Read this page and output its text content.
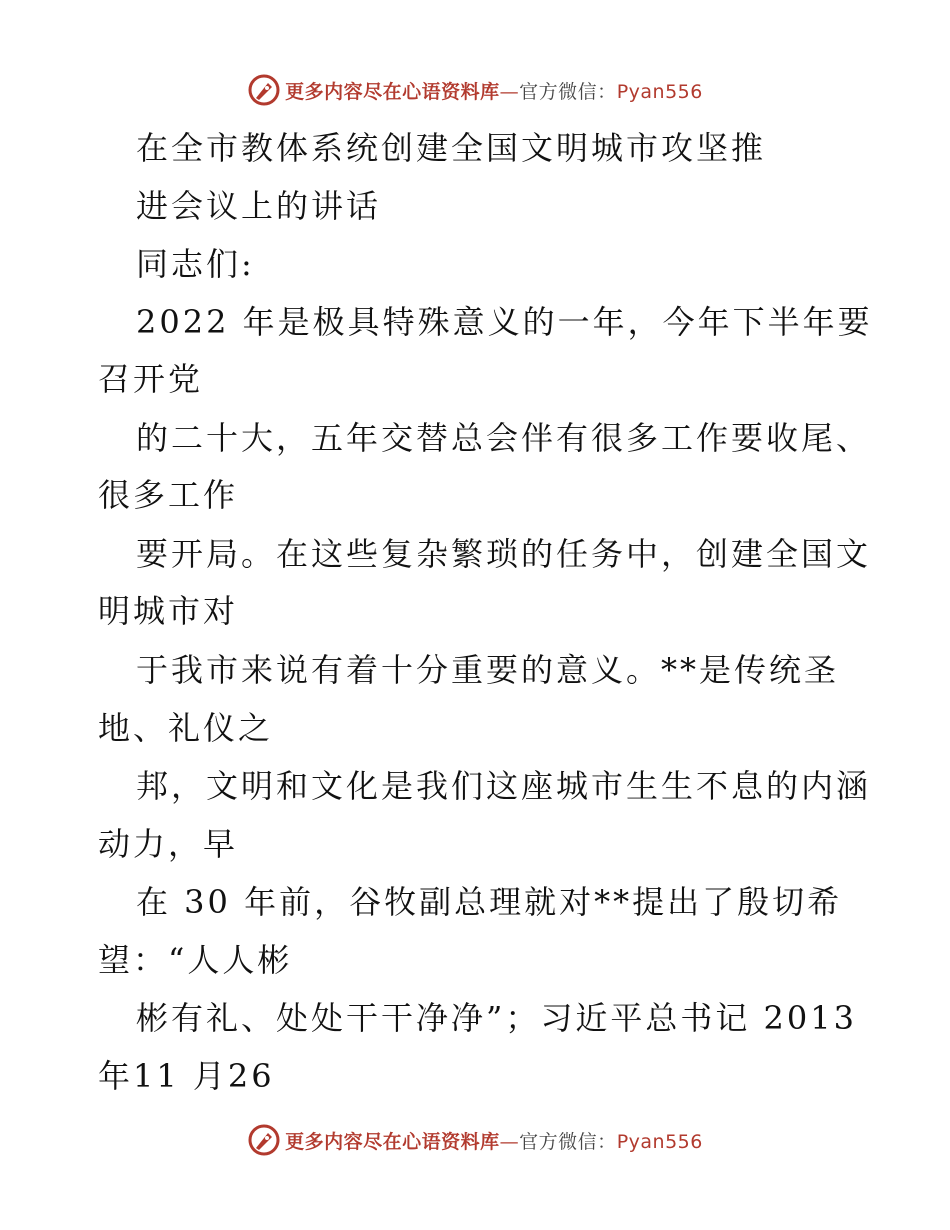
更多内容尽在心语资料库—官方微信：Pyan556
在全市教体系统创建全国文明城市攻坚推
进会议上的讲话
同志们:
2022 年是极具特殊意义的一年，今年下半年要
召开党
的二十大，五年交替总会伴有很多工作要收尾、
很多工作
要开局。在这些复杂繁琐的任务中，创建全国文
明城市对
于我市来说有着十分重要的意义。**是传统圣
地、礼仪之
邦，文明和文化是我们这座城市生生不息的内涵
动力，早
在 30 年前，谷牧副总理就对**提出了殷切希
望：“人人彬
彬有礼、处处干干净净”；习近平总书记 2013
年11 月26
更多内容尽在心语资料库—官方微信：Pyan556
